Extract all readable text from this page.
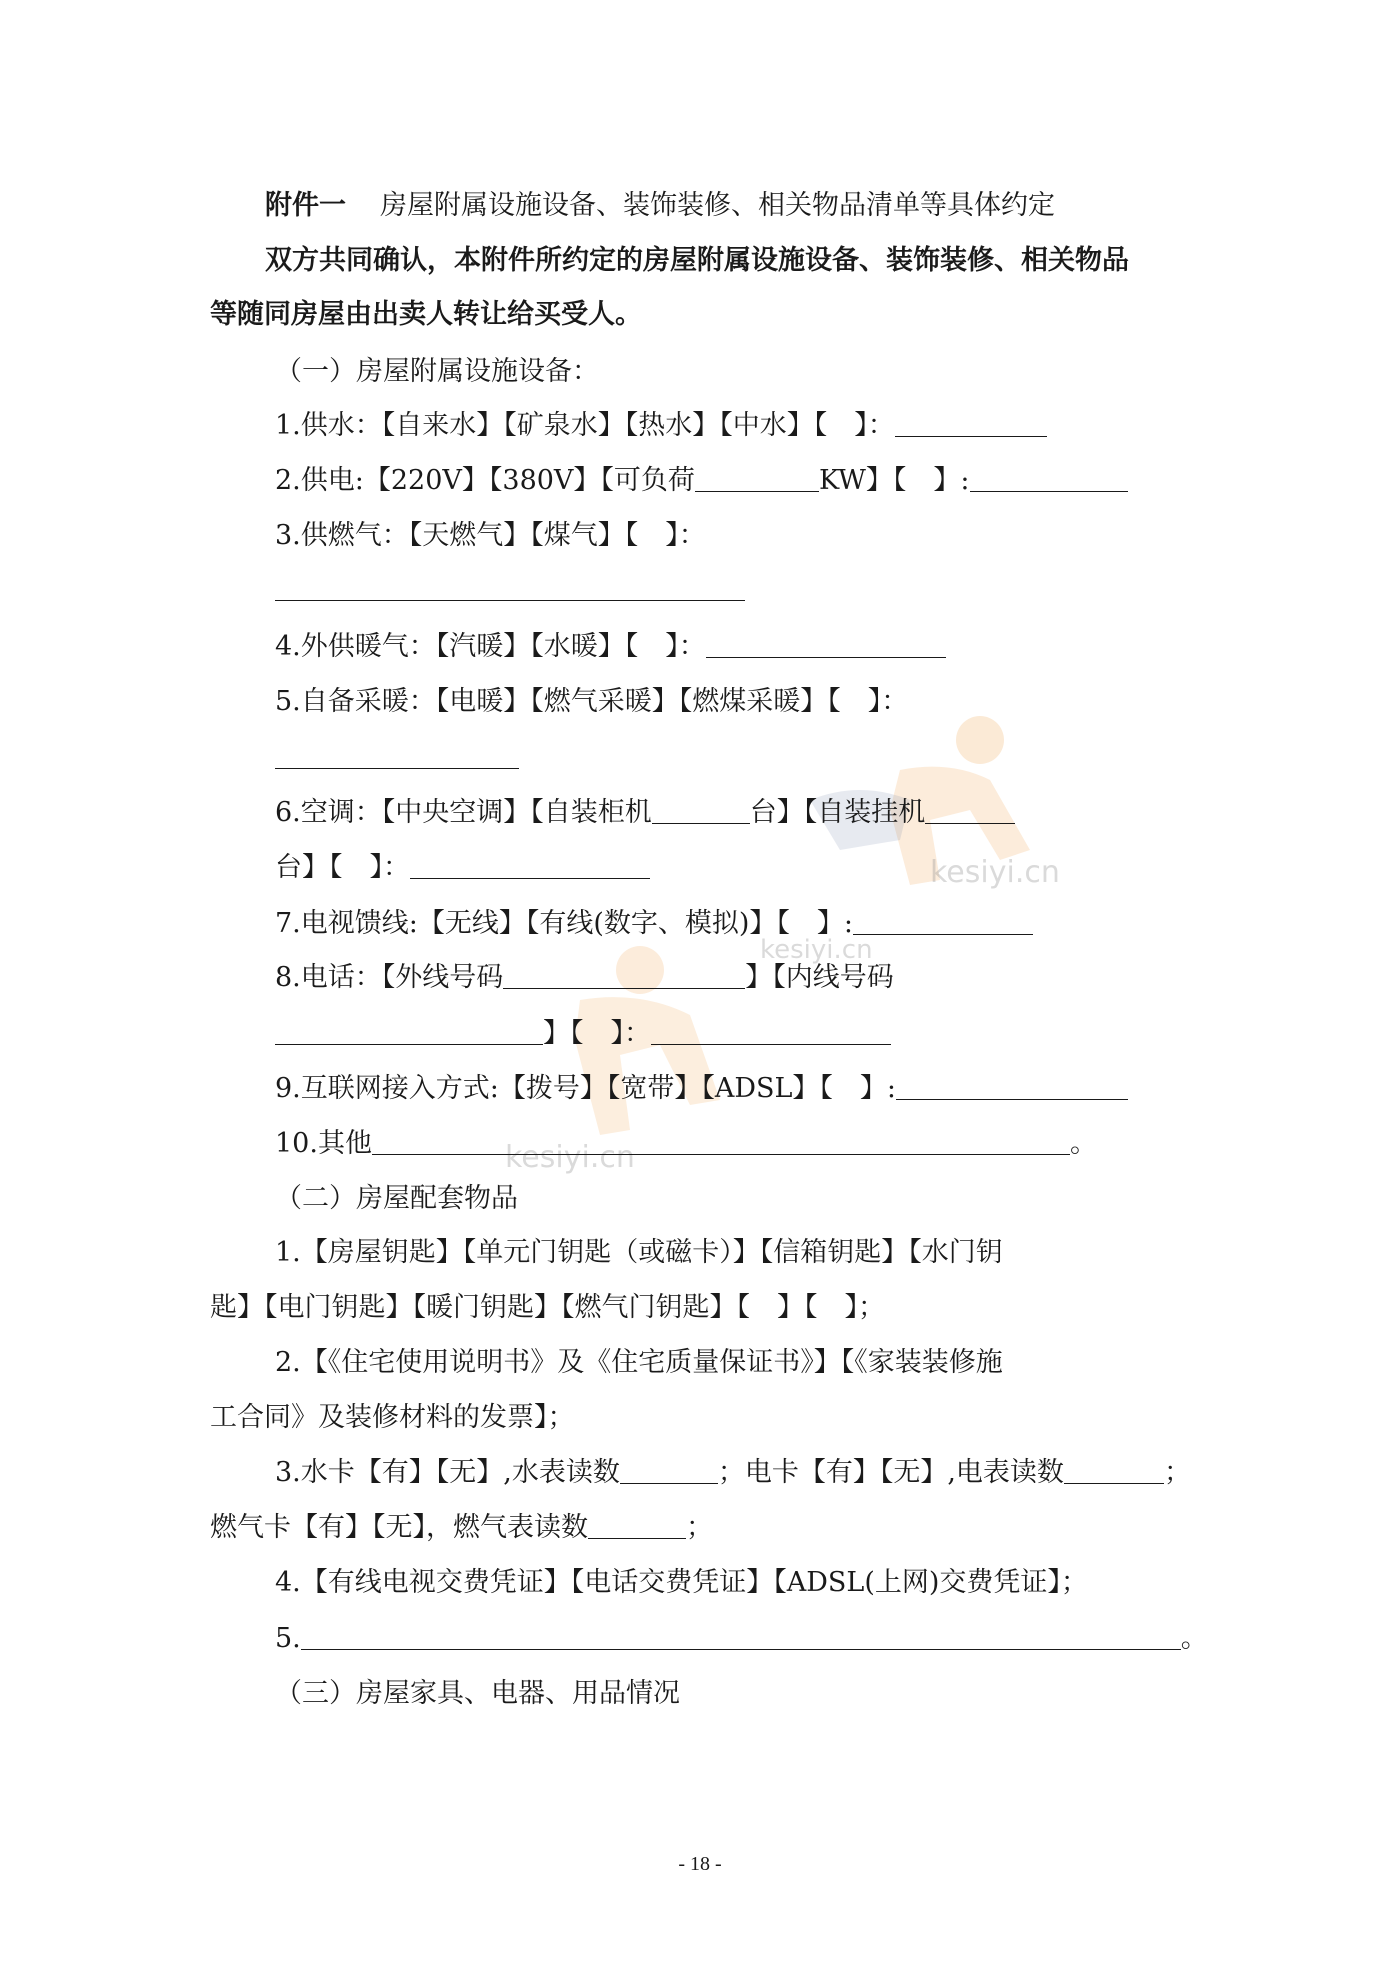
kesiyi.cn
kesiyi.cn
kesiyi.cn
附件一 房屋附属设施设备、装饰装修、相关物品清单等具体约定
双方共同确认，本附件所约定的房屋附属设施设备、装饰装修、相关物品
等随同房屋由出卖人转让给买受人。
（一）房屋附属设施设备：
1.供水：【自来水】【矿泉水】【热水】【中水】【　】：
2.供电:【220V】【380V】【可负荷	KW】【　】:
3.供燃气：【天燃气】【煤气】【　】：
4.外供暖气：【汽暖】【水暖】【　】：
5.自备采暖：【电暖】【燃气采暖】【燃煤采暖】【　】：
6.空调：【中央空调】【自装柜机	台】【自装挂机
台】【　】：
7.电视馈线:【无线】【有线(数字、模拟)】【　】:
8.电话：【外线号码	】【内线号码
】【　】：
9.互联网接入方式:【拨号】【宽带】【ADSL】【　】:
10.其他	。
（二）房屋配套物品
1.【房屋钥匙】【单元门钥匙（或磁卡）】【信箱钥匙】【水门钥
匙】【电门钥匙】【暖门钥匙】【燃气门钥匙】【　】【　】；
2.【《住宅使用说明书》及《住宅质量保证书》】【《家装装修施
工合同》及装修材料的发票】；
3.水卡【有】【无】,水表读数	；电卡【有】【无】,电表读数	；
燃气卡【有】【无】，燃气表读数	；
4.【有线电视交费凭证】【电话交费凭证】【ADSL(上网)交费凭证】；
5.	。
（三）房屋家具、电器、用品情况
- 18 -
